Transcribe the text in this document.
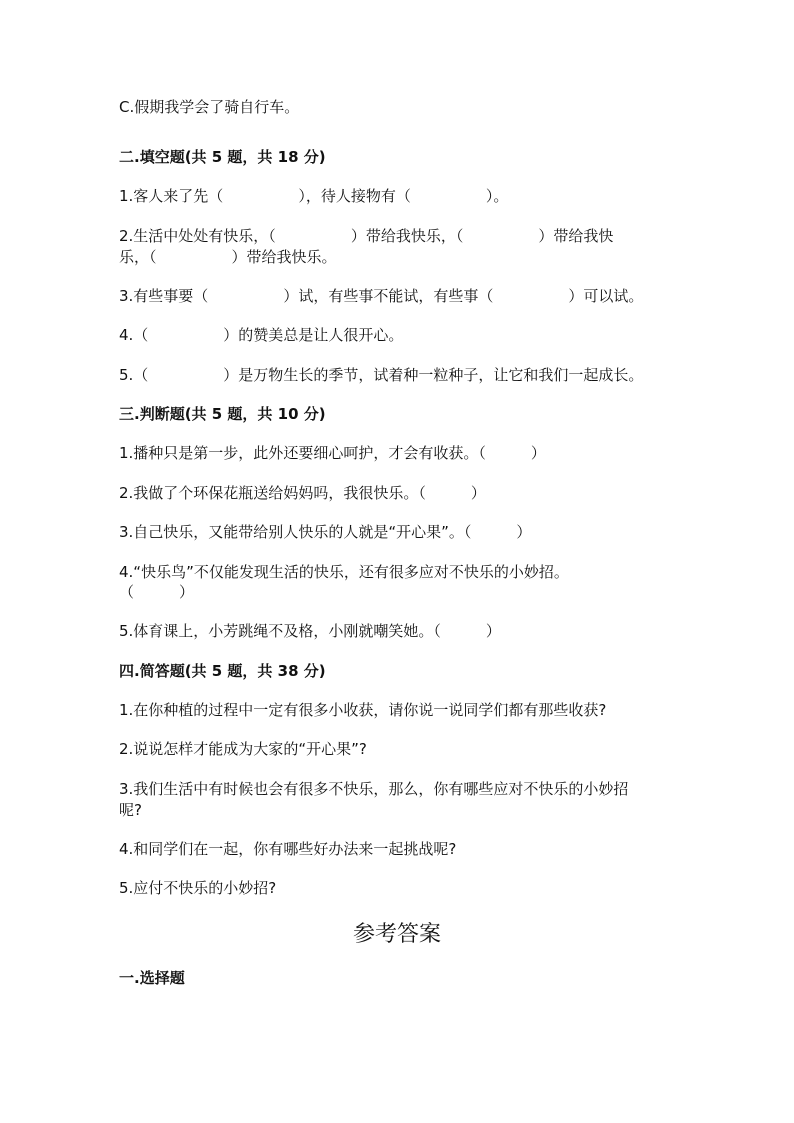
C.假期我学会了骑自行车。
二.填空题(共 5 题，共 18 分)
1.客人来了先（　　　　　），待人接物有（　　　　　）。
2.生活中处处有快乐，（　　　　　）带给我快乐，（　　　　　）带给我快
乐，（　　　　　）带给我快乐。
3.有些事要（　　　　　）试，有些事不能试，有些事（　　　　　）可以试。
4.（　　　　　）的赞美总是让人很开心。
5.（　　　　　）是万物生长的季节，试着种一粒种子，让它和我们一起成长。
三.判断题(共 5 题，共 10 分)
1.播种只是第一步，此外还要细心呵护，才会有收获。（　　　）
2.我做了个环保花瓶送给妈妈吗，我很快乐。（　　　）
3.自己快乐，又能带给别人快乐的人就是“开心果”。（　　　）
4.“快乐鸟”不仅能发现生活的快乐，还有很多应对不快乐的小妙招。
（　　　）
5.体育课上，小芳跳绳不及格，小刚就嘲笑她。（　　　）
四.简答题(共 5 题，共 38 分)
1.在你种植的过程中一定有很多小收获，请你说一说同学们都有那些收获?
2.说说怎样才能成为大家的“开心果”?
3.我们生活中有时候也会有很多不快乐，那么，你有哪些应对不快乐的小妙招
呢?
4.和同学们在一起，你有哪些好办法来一起挑战呢?
5.应付不快乐的小妙招?
参考答案
一.选择题
